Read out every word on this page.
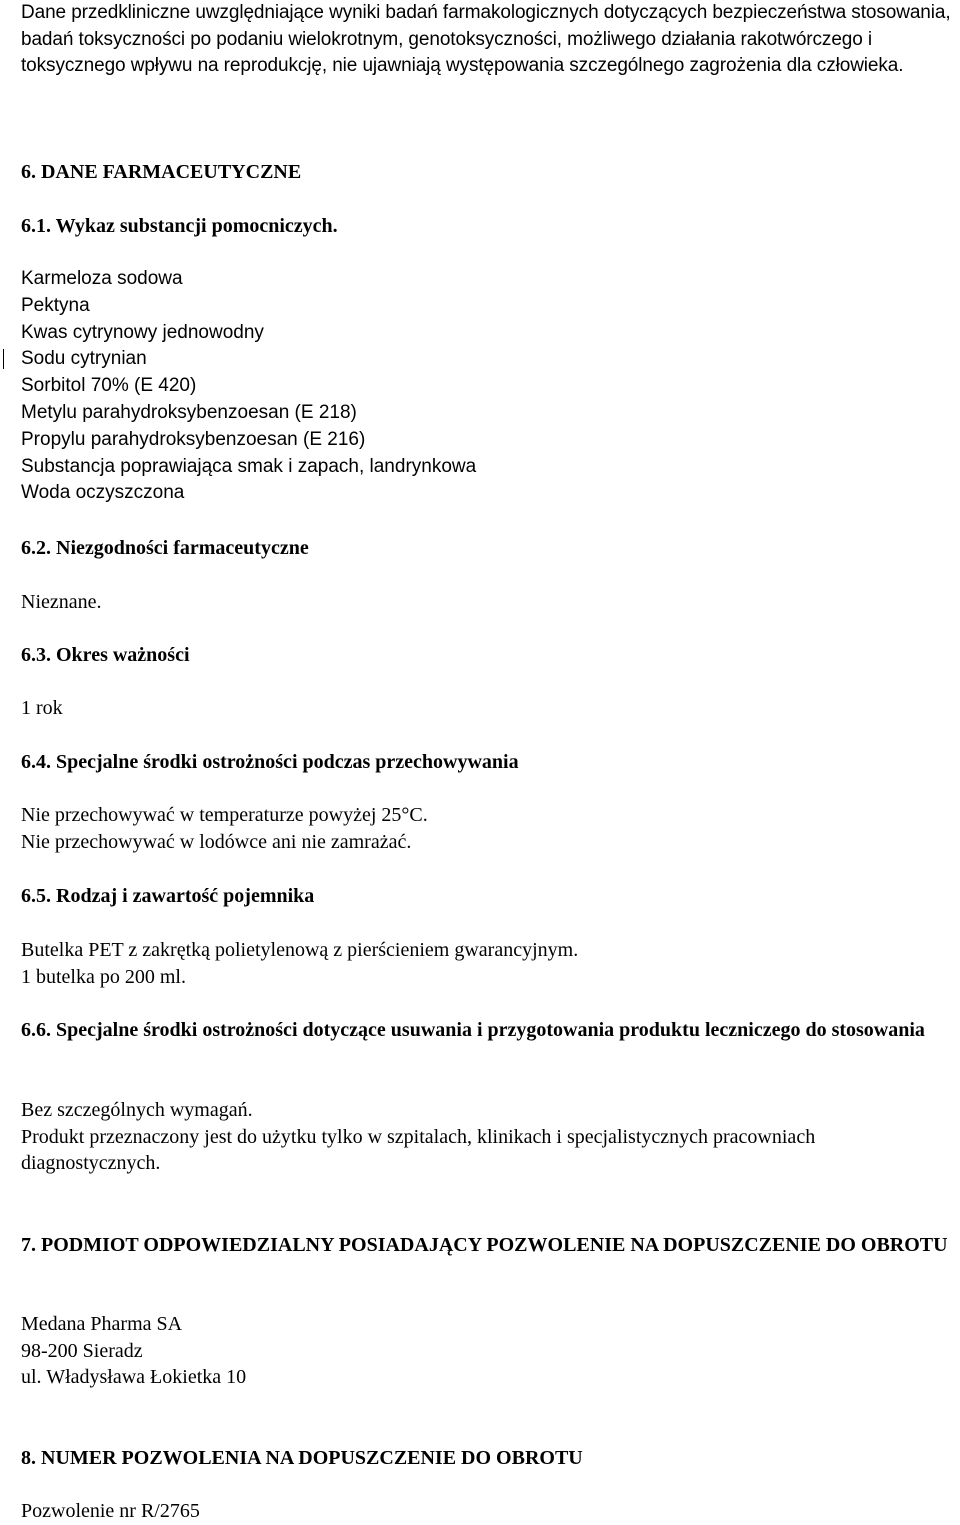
Dane przedkliniczne uwzględniające wyniki badań farmakologicznych dotyczących bezpieczeństwa stosowania, badań toksyczności po podaniu wielokrotnym, genotoksyczności, możliwego działania rakotwórczego i toksycznego wpływu na reprodukcję, nie ujawniają występowania szczególnego zagrożenia dla człowieka.

6. DANE FARMACEUTYCZNE
6.1. Wykaz substancji pomocniczych.
Karmeloza sodowa
Pektyna
Kwas cytrynowy jednowodny
Sodu cytrynian
Sorbitol 70% (E 420)
Metylu parahydroksybenzoesan (E 218)
Propylu parahydroksybenzoesan (E 216)
Substancja poprawiająca smak i zapach, landrynkowa
Woda oczyszczona
6.2. Niezgodności farmaceutyczne

Nieznane.

6.3. Okres ważności

1 rok

6.4. Specjalne środki ostrożności podczas przechowywania
Nie przechowywać w temperaturze powyżej 25°C.
Nie przechowywać w lodówce ani nie zamrażać.
6.5. Rodzaj i zawartość pojemnika
Butelka PET z zakrętką polietylenową z pierścieniem gwarancyjnym.
1 butelka po 200 ml.
6.6. Specjalne środki ostrożności dotyczące usuwania i przygotowania produktu leczniczego do stosowania
Bez szczególnych wymagań.
Produkt przeznaczony jest do użytku tylko w szpitalach, klinikach i specjalistycznych pracowniach diagnostycznych.
7. PODMIOT ODPOWIEDZIALNY POSIADAJĄCY POZWOLENIE NA DOPUSZCZENIE DO OBROTU
Medana Pharma SA
98-200 Sieradz
ul. Władysława Łokietka 10
8. NUMER POZWOLENIA NA DOPUSZCZENIE DO OBROTU

Pozwolenie nr R/2765
